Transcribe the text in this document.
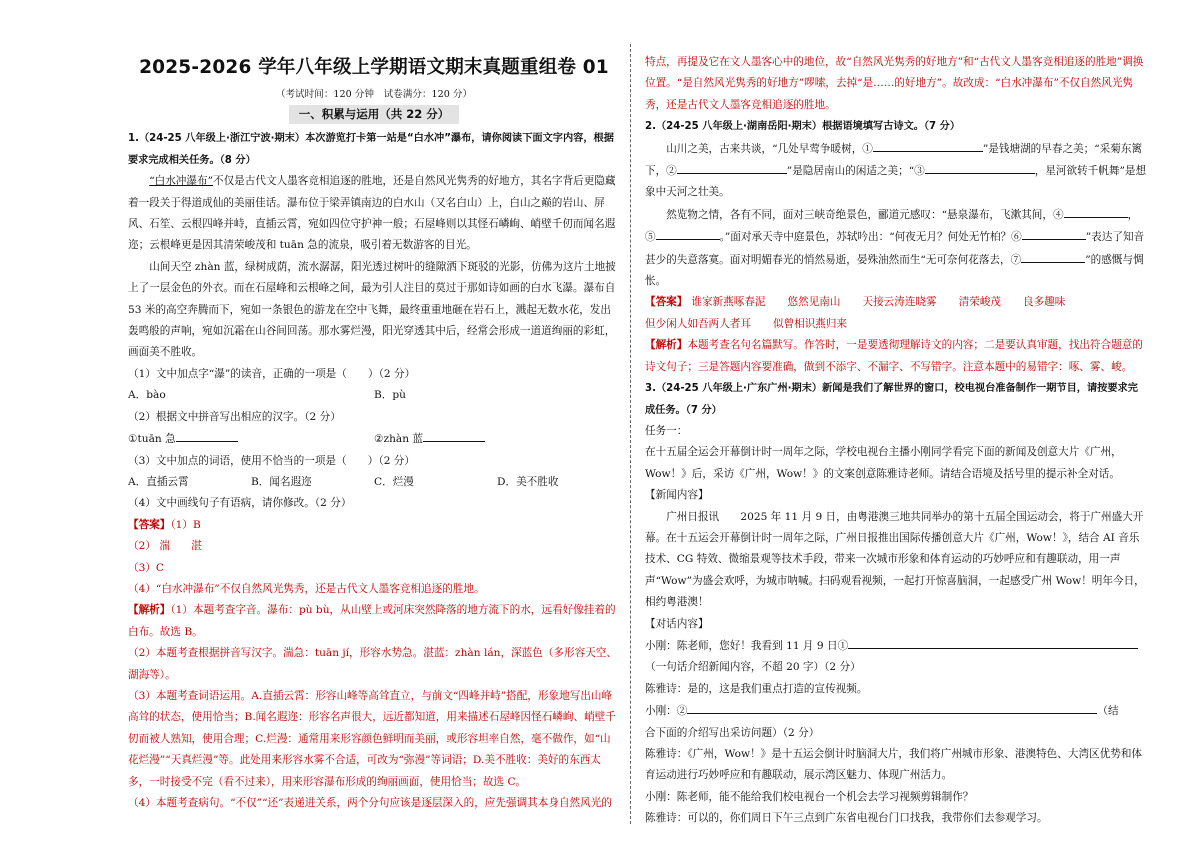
2025-2026 学年八年级上学期语文期末真题重组卷 01
（考试时间：120 分钟　试卷满分：120 分）
一、积累与运用（共 22 分）

1.（24-25 八年级上·浙江宁波·期末）本次游览打卡第一站是“白水冲”瀑布，请你阅读下面文字内容，根据要求完成相关任务。（8 分）

“白水冲瀑布”不仅是古代文人墨客竞相追逐的胜地，还是自然风光隽秀的好地方，其名字背后更隐藏着一段关于得道成仙的美丽佳话。瀑布位于梁弄镇南边的白水山（又名白山）上，白山之巅的岩山、屏风、石笙、云根四峰并峙，直插云霄，宛如四位守护神一般；石屋峰则以其怪石嶙峋、峭壁千仞而闻名遐迩；云根峰更是因其清荣峻茂和 tuān 急的流泉，吸引着无数游客的目光。

山间天空 zhàn 蓝，绿树成荫，流水潺潺，阳光透过树叶的缝隙洒下斑驳的光影，仿佛为这片土地披上了一层金色的外衣。而在石屋峰和云根峰之间，最为引人注目的莫过于那如诗如画的白水飞瀑。瀑布自 53 米的高空奔腾而下，宛如一条银色的游龙在空中飞舞，最终重重地砸在岩石上，溅起无数水花，发出轰鸣般的声响，宛如沉霜在山谷间回荡。那水雾烂漫，阳光穿透其中后，经常会形成一道道绚丽的彩虹，画面美不胜收。

（1）文中加点字“瀑”的读音，正确的一项是（　　）（2 分）

A．bào	B．pù

（2）根据文中拼音写出相应的汉字。（2 分）

①tuān 急	②zhàn 蓝

（3）文中加点的词语，使用不恰当的一项是（　　）（2 分）

A．直插云霄	B．闻名遐迩	C．烂漫	D．美不胜收

（4）文中画线句子有语病，请你修改。（2 分）

【答案】（1）B

（2） 湍   湛

（3）C

（4）“白水冲瀑布”不仅自然风光隽秀，还是古代文人墨客竞相追逐的胜地。

【解析】（1）本题考查字音。瀑布：pù bù，从山壁上或河床突然降落的地方流下的水，远看好像挂着的白布。故选 B。

（2）本题考查根据拼音写汉字。湍急：tuān jí，形容水势急。湛蓝：zhàn lán，深蓝色（多形容天空、湖海等）。

（3）本题考查词语运用。A.直插云霄：形容山峰等高耸直立，与前文“四峰并峙”搭配，形象地写出山峰高耸的状态，使用恰当；B.闻名遐迩：形容名声很大，远近都知道，用来描述石屋峰因怪石嶙峋、峭壁千仞而被人熟知，使用合理；C.烂漫：通常用来形容颜色鲜明而美丽，或形容坦率自然，毫不做作，如“山花烂漫”“天真烂漫”等。此处用来形容水雾不合适，可改为“弥漫”等词语；D.美不胜收：美好的东西太多，一时接受不完（看不过来），用来形容瀑布形成的绚丽画面，使用恰当；故选 C。

（4）本题考查病句。“不仅”“还”表递进关系，两个分句应该是逐层深入的，应先强调其本身自然风光的

特点，再提及它在文人墨客心中的地位，故“自然风光隽秀的好地方”和“古代文人墨客竞相追逐的胜地”调换位置。“是自然风光隽秀的好地方”啰嗦，去掉“是……的好地方”。故改成：“白水冲瀑布”不仅自然风光隽秀，还是古代文人墨客竞相追逐的胜地。

2.（24-25 八年级上·湖南岳阳·期末）根据语境填写古诗文。（7 分）

山川之美，古来共谈，“几处早莺争暖树，①	”是钱塘湖的早春之美；“采菊东篱下，②	”是隐居南山的闲适之美；“③	，星河欲转千帆舞”是想象中天河之壮美。

然览物之情，各有不同，面对三峡奇绝景色，郦道元感叹：“悬泉瀑布，飞漱其间，④	，⑤	。”面对承天寺中庭景色，苏轼吟出：“何夜无月？何处无竹柏？⑥	”表达了知音甚少的失意落寞。面对明媚春光的悄然易逝，晏殊油然而生“无可奈何花落去，⑦	”的感慨与惆怅。

【答案】 谁家新燕啄春泥 悠然见南山 天接云涛连晓雾 清荣峻茂 良多趣味但少闲人如吾两人者耳 似曾相识燕归来

【解析】本题考查名句名篇默写。作答时，一是要透彻理解诗文的内容；二是要认真审题，找出符合题意的诗文句子；三是答题内容要准确，做到不添字、不漏字、不写错字。注意本题中的易错字：啄、雾、峻。

3.（24-25 八年级上·广东广州·期末）新闻是我们了解世界的窗口，校电视台准备制作一期节目，请按要求完成任务。（7 分）

任务一：

在十五届全运会开幕倒计时一周年之际，学校电视台主播小刚同学看完下面的新闻及创意大片《广州，Wow！》后，采访《广州，Wow！》的文案创意陈雅诗老师。请结合语境及括号里的提示补全对话。

【新闻内容】

广州日报讯　　2025 年 11 月 9 日，由粤港澳三地共同举办的第十五届全国运动会，将于广州盛大开幕。在十五运会开幕倒计时一周年之际，广州日报推出国际传播创意大片《广州，Wow！》，结合 AI 音乐技术、CG 特效、微缩景观等技术手段，带来一次城市形象和体育运动的巧妙呼应和有趣联动，用一声声“Wow”为盛会欢呼，为城市呐喊。扫码观看视频，一起打开惊喜脑洞，一起感受广州 Wow！明年今日，相约粤港澳！

【对话内容】

小刚：陈老师，您好！我看到 11 月 9 日①

（一句话介绍新闻内容，不超 20 字）（2 分）

陈雅诗：是的，这是我们重点打造的宣传视频。

小刚：②	（结

合下面的介绍写出采访问题）（2 分）

陈雅诗：《广州，Wow！》是十五运会倒计时脑洞大片，我们将广州城市形象、港澳特色、大湾区优势和体育运动进行巧妙呼应和有趣联动，展示湾区魅力、体现广州活力。

小刚：陈老师，能不能给我们校电视台一个机会去学习视频剪辑制作？

陈雅诗：可以的，你们周日下午三点到广东省电视台门口找我，我带你们去参观学习。
